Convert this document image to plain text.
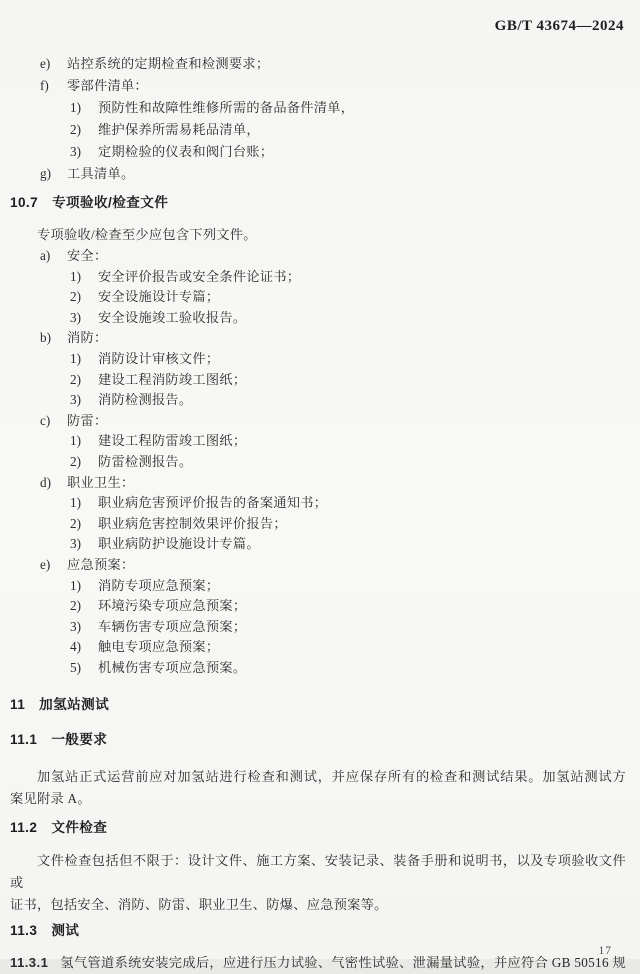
GB/T 43674—2024
e)	站控系统的定期检查和检测要求；
f)	零部件清单：
1)	预防性和故障性维修所需的备品备件清单，
2)	维护保养所需易耗品清单，
3)	定期检验的仪表和阀门台账；
g)	工具清单。
10.7 专项验收/检查文件
专项验收/检查至少应包含下列文件。
a)	安全：
1)	安全评价报告或安全条件论证书；
2)	安全设施设计专篇；
3)	安全设施竣工验收报告。
b)	消防：
1)	消防设计审核文件；
2)	建设工程消防竣工图纸；
3)	消防检测报告。
c)	防雷：
1)	建设工程防雷竣工图纸；
2)	防雷检测报告。
d)	职业卫生：
1)	职业病危害预评价报告的备案通知书；
2)	职业病危害控制效果评价报告；
3)	职业病防护设施设计专篇。
e)	应急预案：
1)	消防专项应急预案；
2)	环境污染专项应急预案；
3)	车辆伤害专项应急预案；
4)	触电专项应急预案；
5)	机械伤害专项应急预案。
11 加氢站测试
11.1 一般要求
加氢站正式运营前应对加氢站进行检查和测试，并应保存所有的检查和测试结果。加氢站测试方
案见附录 A。
11.2 文件检查
文件检查包括但不限于：设计文件、施工方案、安装记录、装备手册和说明书，以及专项验收文件或
证书，包括安全、消防、防雷、职业卫生、防爆、应急预案等。
11.3 测试
11.3.1 氢气管道系统安装完成后，应进行压力试验、气密性试验、泄漏量试验，并应符合 GB 50516 规
17
